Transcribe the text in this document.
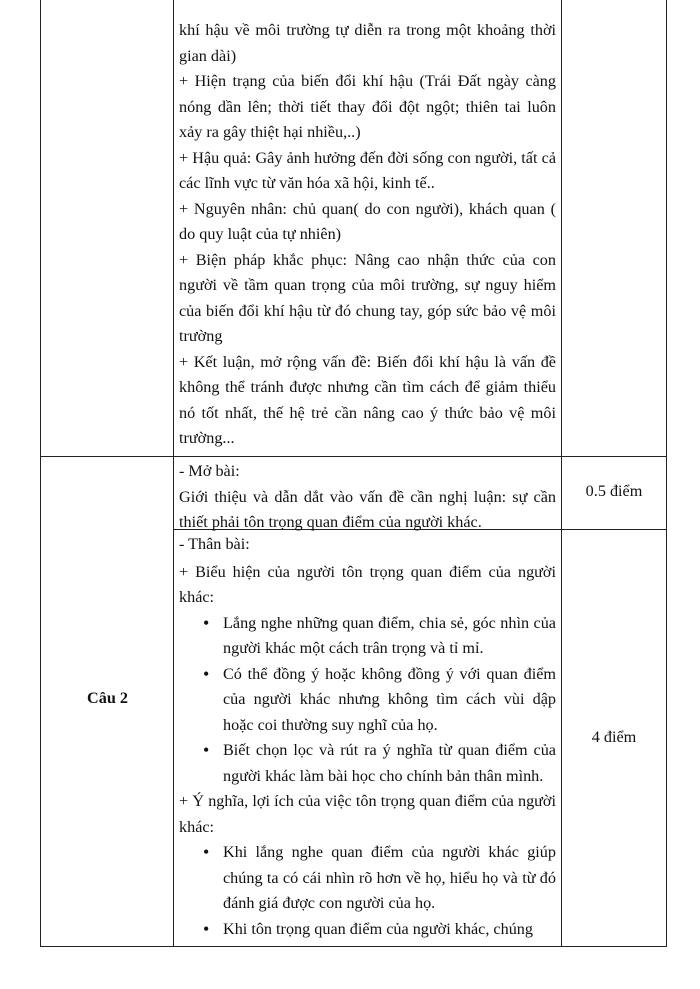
khí hậu về môi trường tự diễn ra trong một khoảng thời gian dài)
+ Hiện trạng của biến đổi khí hậu (Trái Đất ngày càng nóng dần lên; thời tiết thay đổi đột ngột; thiên tai luôn xảy ra gây thiệt hại nhiều,..)
+ Hậu quả: Gây ảnh hưởng đến đời sống con người, tất cả các lĩnh vực từ văn hóa xã hội, kinh tế..
+ Nguyên nhân: chủ quan( do con người), khách quan ( do quy luật của tự nhiên)
+ Biện pháp khắc phục: Nâng cao nhận thức của con người về tầm quan trọng của môi trường, sự nguy hiểm của biến đổi khí hậu từ đó chung tay, góp sức bảo vệ môi trường
+ Kết luận, mở rộng vấn đề: Biến đổi khí hậu là vấn đề không thể tránh được nhưng cần tìm cách để giảm thiểu nó tốt nhất, thế hệ trẻ cần nâng cao ý thức bảo vệ môi trường...
Câu 2
- Mở bài:
Giới thiệu và dẫn dắt vào vấn đề cần nghị luận: sự cần thiết phải tôn trọng quan điểm của người khác.
0.5 điểm
- Thân bài:
+ Biểu hiện của người tôn trọng quan điểm của người khác:
• Lắng nghe những quan điểm, chia sẻ, góc nhìn của người khác một cách trân trọng và tỉ mỉ.
• Có thể đồng ý hoặc không đồng ý với quan điểm của người khác nhưng không tìm cách vùi dập hoặc coi thường suy nghĩ của họ.
• Biết chọn lọc và rút ra ý nghĩa từ quan điểm của người khác làm bài học cho chính bản thân mình.
+ Ý nghĩa, lợi ích của việc tôn trọng quan điểm của người khác:
• Khi lắng nghe quan điểm của người khác giúp chúng ta có cái nhìn rõ hơn về họ, hiểu họ và từ đó đánh giá được con người của họ.
• Khi tôn trọng quan điểm của người khác, chúng
4 điểm
